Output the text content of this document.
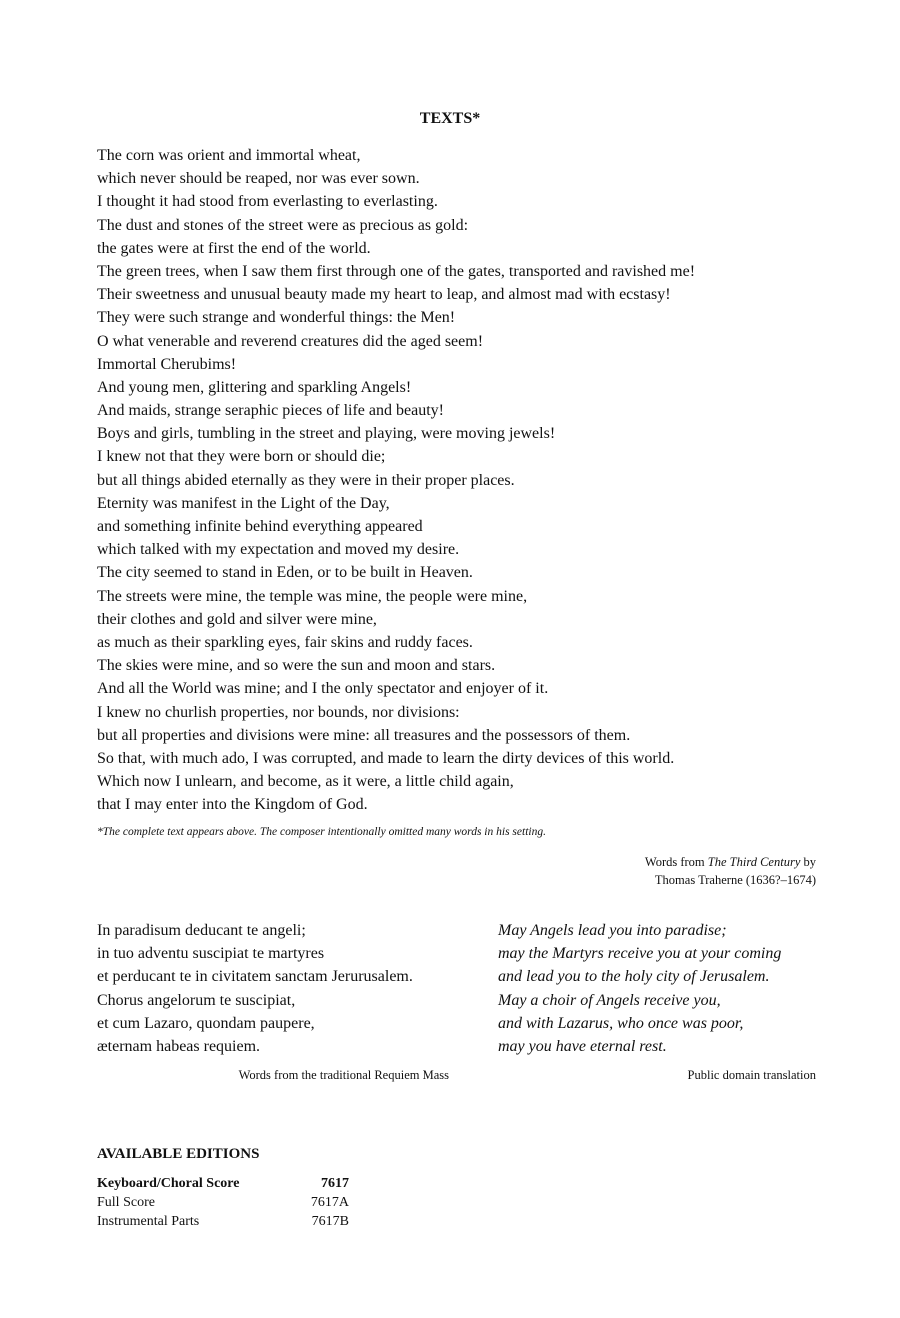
TEXTS*
The corn was orient and immortal wheat,
which never should be reaped, nor was ever sown.
I thought it had stood from everlasting to everlasting.
The dust and stones of the street were as precious as gold:
the gates were at first the end of the world.
The green trees, when I saw them first through one of the gates, transported and ravished me!
Their sweetness and unusual beauty made my heart to leap, and almost mad with ecstasy!
They were such strange and wonderful things: the Men!
O what venerable and reverend creatures did the aged seem!
Immortal Cherubims!
And young men, glittering and sparkling Angels!
And maids, strange seraphic pieces of life and beauty!
Boys and girls, tumbling in the street and playing, were moving jewels!
I knew not that they were born or should die;
but all things abided eternally as they were in their proper places.
Eternity was manifest in the Light of the Day,
and something infinite behind everything appeared
which talked with my expectation and moved my desire.
The city seemed to stand in Eden, or to be built in Heaven.
The streets were mine, the temple was mine, the people were mine,
their clothes and gold and silver were mine,
as much as their sparkling eyes, fair skins and ruddy faces.
The skies were mine, and so were the sun and moon and stars.
And all the World was mine; and I the only spectator and enjoyer of it.
I knew no churlish properties, nor bounds, nor divisions:
but all properties and divisions were mine: all treasures and the possessors of them.
So that, with much ado, I was corrupted, and made to learn the dirty devices of this world.
Which now I unlearn, and become, as it were, a little child again,
that I may enter into the Kingdom of God.
*The complete text appears above. The composer intentionally omitted many words in his setting.
Words from The Third Century by
Thomas Traherne (1636?–1674)
In paradisum deducant te angeli;
in tuo adventu suscipiat te martyres
et perducant te in civitatem sanctam Jerurusalem.
Chorus angelorum te suscipiat,
et cum Lazaro, quondam paupere,
æternam habeas requiem.
May Angels lead you into paradise;
may the Martyrs receive you at your coming
and lead you to the holy city of Jerusalem.
May a choir of Angels receive you,
and with Lazarus, who once was poor,
may you have eternal rest.
Words from the traditional Requiem Mass	Public domain translation
AVAILABLE EDITIONS
Keyboard/Choral Score	7617
Full Score	7617A
Instrumental Parts	7617B
